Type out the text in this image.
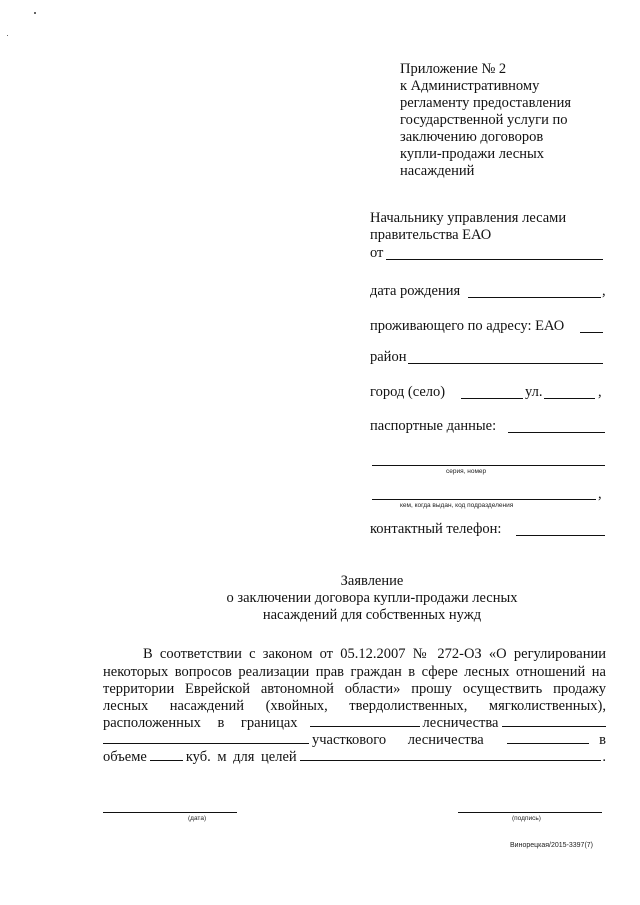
Приложение № 2
к Административному
регламенту предоставления
государственной услуги по
заключению договоров
купли-продажи лесных
насаждений
Начальнику управления лесами
правительства ЕАО
от
дата рождения	,
проживающего по адресу: ЕАО
район
город (село)	ул.	,
паспортные данные:
серия, номер
,
кем, когда выдан, код подразделения
контактный телефон:
Заявление
о заключении договора купли-продажи лесных
насаждений для собственных нужд
В соответствии с законом от 05.12.2007 № 272-ОЗ «О регулировании
некоторых вопросов реализации прав граждан в сфере лесных отношений на
территории Еврейской автономной области» прошу осуществить продажу
лесных насаждений (хвойных, твердолиственных, мягколиственных),
расположенных в границах	лесничества
участкового лесничества	в
объеме	куб. м для целей	.
(дата)	(подпись)
Винорецкая/2015-3397(7)
